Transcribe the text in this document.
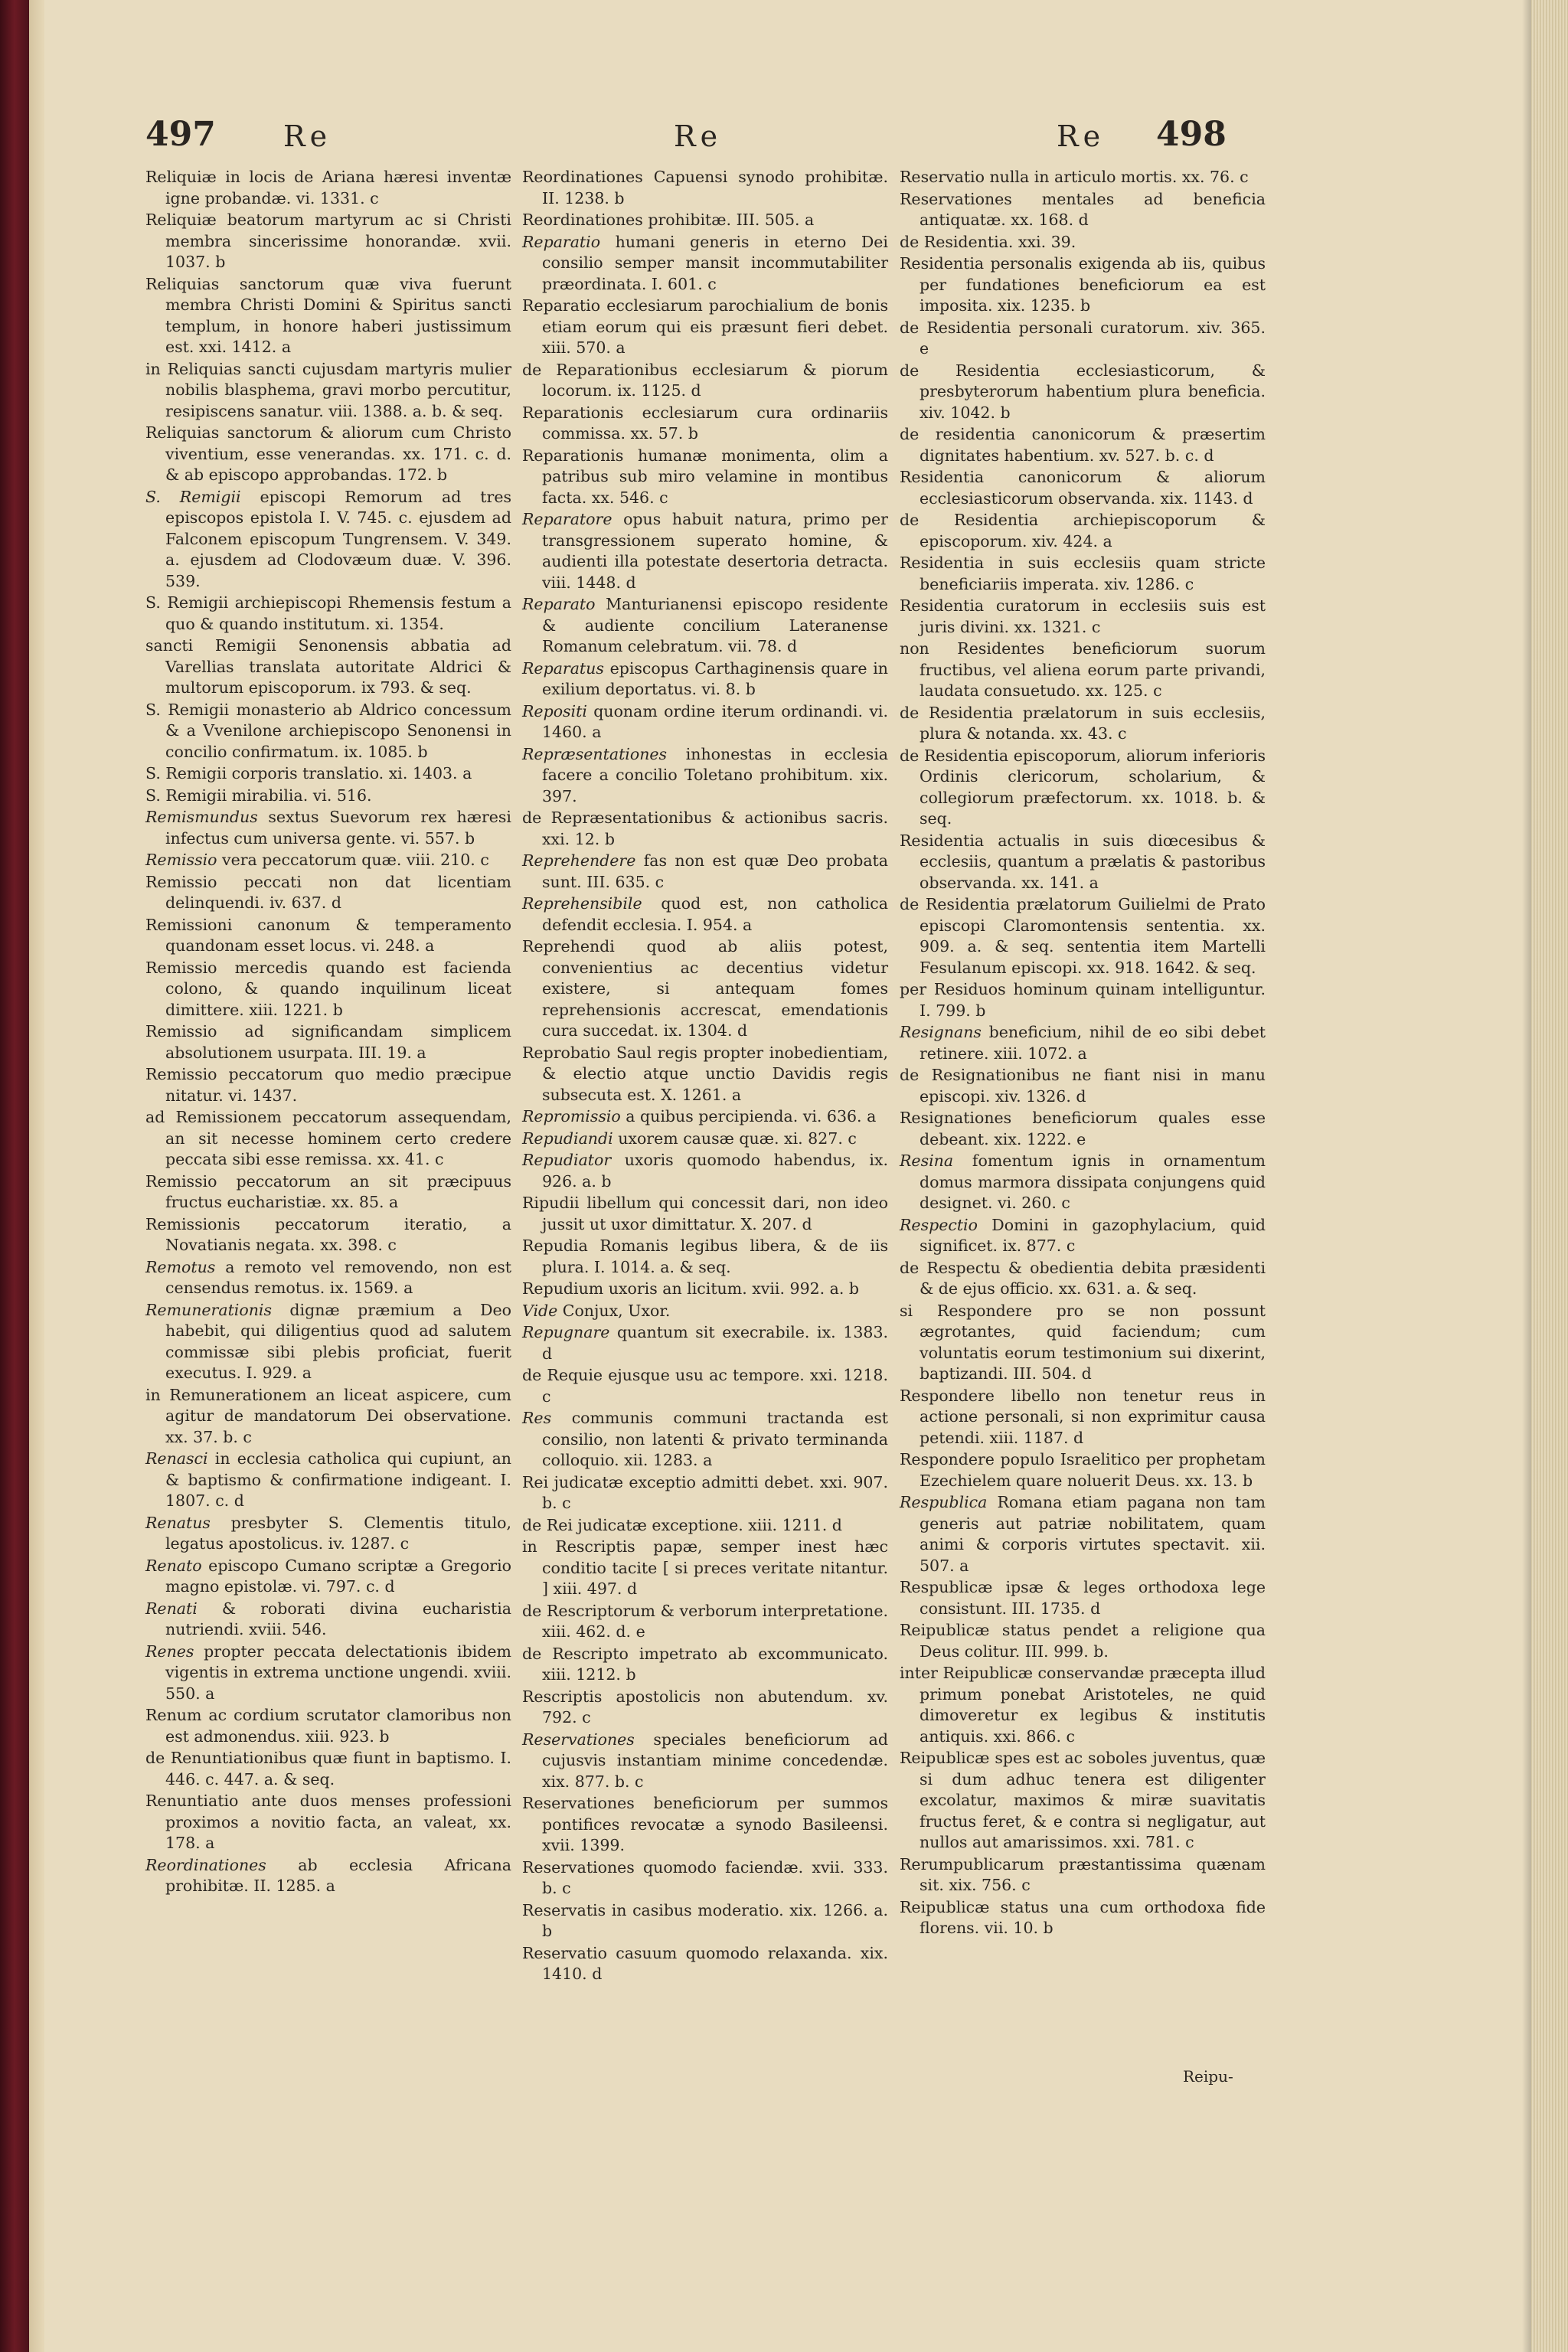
497 Re	Re	Re 498

Reliquiæ in locis de Ariana hæresi inventæ igne probandæ. vi. 1331. c

Reliquiæ beatorum martyrum ac si Christi membra sincerissime honorandæ. xvii. 1037. b

Reliquias sanctorum quæ viva fuerunt membra Christi Domini & Spiritus sancti templum, in honore haberi justissimum est. xxi. 1412. a

in Reliquias sancti cujusdam martyris mulier nobilis blasphema, gravi morbo percutitur, resipiscens sanatur. viii. 1388. a. b. & seq.

Reliquias sanctorum & aliorum cum Christo viventium, esse venerandas. xx. 171. c. d. & ab episcopo approbandas. 172. b

S. Remigii episcopi Remorum ad tres episcopos epistola I. V. 745. c. ejusdem ad Falconem episcopum Tungrensem. V. 349. a. ejusdem ad Clodovæum duæ. V. 396. 539.

S. Remigii archiepiscopi Rhemensis festum a quo & quando institutum. xi. 1354.

sancti Remigii Senonensis abbatia ad Varellias translata autoritate Aldrici & multorum episcoporum. ix 793. & seq.

S. Remigii monasterio ab Aldrico concessum & a Vvenilone archiepiscopo Senonensi in concilio confirmatum. ix. 1085. b

S. Remigii corporis translatio. xi. 1403. a

S. Remigii mirabilia. vi. 516.

Remismundus sextus Suevorum rex hæresi infectus cum universa gente. vi. 557. b

Remissio vera peccatorum quæ. viii. 210. c

Remissio peccati non dat licentiam delinquendi. iv. 637. d

Remissioni canonum & temperamento quandonam esset locus. vi. 248. a

Remissio mercedis quando est facienda colono, & quando inquilinum liceat dimittere. xiii. 1221. b

Remissio ad significandam simplicem absolutionem usurpata. III. 19. a

Remissio peccatorum quo medio præcipue nitatur. vi. 1437.

ad Remissionem peccatorum assequendam, an sit necesse hominem certo credere peccata sibi esse remissa. xx. 41. c

Remissio peccatorum an sit præcipuus fructus eucharistiæ. xx. 85. a

Remissionis peccatorum iteratio, a Novatianis negata. xx. 398. c

Remotus a remoto vel removendo, non est censendus remotus. ix. 1569. a

Remunerationis dignæ præmium a Deo habebit, qui diligentius quod ad salutem commissæ sibi plebis proficiat, fuerit executus. I. 929. a

in Remunerationem an liceat aspicere, cum agitur de mandatorum Dei observatione. xx. 37. b. c

Renasci in ecclesia catholica qui cupiunt, an & baptismo & confirmatione indigeant. I. 1807. c. d

Renatus presbyter S. Clementis titulo, legatus apostolicus. iv. 1287. c

Renato episcopo Cumano scriptæ a Gregorio magno epistolæ. vi. 797. c. d

Renati & roborati divina eucharistia nutriendi. xviii. 546.

Renes propter peccata delectationis ibidem vigentis in extrema unctione ungendi. xviii. 550. a

Renum ac cordium scrutator clamoribus non est admonendus. xiii. 923. b

de Renuntiationibus quæ fiunt in baptismo. I. 446. c. 447. a. & seq.

Renuntiatio ante duos menses professioni proximos a novitio facta, an valeat, xx. 178. a

Reordinationes ab ecclesia Africana prohibitæ. II. 1285. a

Reordinationes Capuensi synodo prohibitæ. II. 1238. b

Reordinationes prohibitæ. III. 505. a

Reparatio humani generis in eterno Dei consilio semper mansit incommutabiliter præordinata. I. 601. c

Reparatio ecclesiarum parochialium de bonis etiam eorum qui eis præsunt fieri debet. xiii. 570. a

de Reparationibus ecclesiarum & piorum locorum. ix. 1125. d

Reparationis ecclesiarum cura ordinariis commissa. xx. 57. b

Reparationis humanæ monimenta, olim a patribus sub miro velamine in montibus facta. xx. 546. c

Reparatore opus habuit natura, primo per transgressionem superato homine, & audienti illa potestate desertoria detracta. viii. 1448. d

Reparato Manturianensi episcopo residente & audiente concilium Lateranense Romanum celebratum. vii. 78. d

Reparatus episcopus Carthaginensis quare in exilium deportatus. vi. 8. b

Repositi quonam ordine iterum ordinandi. vi. 1460. a

Repræsentationes inhonestas in ecclesia facere a concilio Toletano prohibitum. xix. 397.

de Repræsentationibus & actionibus sacris. xxi. 12. b

Reprehendere fas non est quæ Deo probata sunt. III. 635. c

Reprehensibile quod est, non catholica defendit ecclesia. I. 954. a

Reprehendi quod ab aliis potest, convenientius ac decentius videtur existere, si antequam fomes reprehensionis accrescat, emendationis cura succedat. ix. 1304. d

Reprobatio Saul regis propter inobedientiam, & electio atque unctio Davidis regis subsecuta est. X. 1261. a

Repromissio a quibus percipienda. vi. 636. a

Repudiandi uxorem causæ quæ. xi. 827. c

Repudiator uxoris quomodo habendus, ix. 926. a. b

Ripudii libellum qui concessit dari, non ideo jussit ut uxor dimittatur. X. 207. d

Repudia Romanis legibus libera, & de iis plura. I. 1014. a. & seq.

Repudium uxoris an licitum. xvii. 992. a. b

Vide Conjux, Uxor.

Repugnare quantum sit execrabile. ix. 1383. d

de Requie ejusque usu ac tempore. xxi. 1218. c

Res communis communi tractanda est consilio, non latenti & privato terminanda colloquio. xii. 1283. a

Rei judicatæ exceptio admitti debet. xxi. 907. b. c

de Rei judicatæ exceptione. xiii. 1211. d

in Rescriptis papæ, semper inest hæc conditio tacite [ si preces veritate nitantur. ] xiii. 497. d

de Rescriptorum & verborum interpretatione. xiii. 462. d. e

de Rescripto impetrato ab excommunicato. xiii. 1212. b

Rescriptis apostolicis non abutendum. xv. 792. c

Reservationes speciales beneficiorum ad cujusvis instantiam minime concedendæ. xix. 877. b. c

Reservationes beneficiorum per summos pontifices revocatæ a synodo Basileensi. xvii. 1399.

Reservationes quomodo faciendæ. xvii. 333. b. c

Reservatis in casibus moderatio. xix. 1266. a. b

Reservatio casuum quomodo relaxanda. xix. 1410. d

Reservatio nulla in articulo mortis. xx. 76. c

Reservationes mentales ad beneficia antiquatæ. xx. 168. d

de Residentia. xxi. 39.

Residentia personalis exigenda ab iis, quibus per fundationes beneficiorum ea est imposita. xix. 1235. b

de Residentia personali curatorum. xiv. 365. e

de Residentia ecclesiasticorum, & presbyterorum habentium plura beneficia. xiv. 1042. b

de residentia canonicorum & præsertim dignitates habentium. xv. 527. b. c. d

Residentia canonicorum & aliorum ecclesiasticorum observanda. xix. 1143. d

de Residentia archiepiscoporum & episcoporum. xiv. 424. a

Residentia in suis ecclesiis quam stricte beneficiariis imperata. xiv. 1286. c

Residentia curatorum in ecclesiis suis est juris divini. xx. 1321. c

non Residentes beneficiorum suorum fructibus, vel aliena eorum parte privandi, laudata consuetudo. xx. 125. c

de Residentia prælatorum in suis ecclesiis, plura & notanda. xx. 43. c

de Residentia episcoporum, aliorum inferioris Ordinis clericorum, scholarium, & collegiorum præfectorum. xx. 1018. b. & seq.

Residentia actualis in suis diœcesibus & ecclesiis, quantum a prælatis & pastoribus observanda. xx. 141. a

de Residentia prælatorum Guilielmi de Prato episcopi Claromontensis sententia. xx. 909. a. & seq. sententia item Martelli Fesulanum episcopi. xx. 918. 1642. & seq.

per Residuos hominum quinam intelliguntur. I. 799. b

Resignans beneficium, nihil de eo sibi debet retinere. xiii. 1072. a

de Resignationibus ne fiant nisi in manu episcopi. xiv. 1326. d

Resignationes beneficiorum quales esse debeant. xix. 1222. e

Resina fomentum ignis in ornamentum domus marmora dissipata conjungens quid designet. vi. 260. c

Respectio Domini in gazophylacium, quid significet. ix. 877. c

de Respectu & obedientia debita præsidenti & de ejus officio. xx. 631. a. & seq.

si Respondere pro se non possunt ægrotantes, quid faciendum; cum voluntatis eorum testimonium sui dixerint, baptizandi. III. 504. d

Respondere libello non tenetur reus in actione personali, si non exprimitur causa petendi. xiii. 1187. d

Respondere populo Israelitico per prophetam Ezechielem quare noluerit Deus. xx. 13. b

Respublica Romana etiam pagana non tam generis aut patriæ nobilitatem, quam animi & corporis virtutes spectavit. xii. 507. a

Respublicæ ipsæ & leges orthodoxa lege consistunt. III. 1735. d

Reipublicæ status pendet a religione qua Deus colitur. III. 999. b.

inter Reipublicæ conservandæ præcepta illud primum ponebat Aristoteles, ne quid dimoveretur ex legibus & institutis antiquis. xxi. 866. c

Reipublicæ spes est ac soboles juventus, quæ si dum adhuc tenera est diligenter excolatur, maximos & miræ suavitatis fructus feret, & e contra si negligatur, aut nullos aut amarissimos. xxi. 781. c

Rerumpublicarum præstantissima quænam sit. xix. 756. c

Reipublicæ status una cum orthodoxa fide florens. vii. 10. b

Reipu-
